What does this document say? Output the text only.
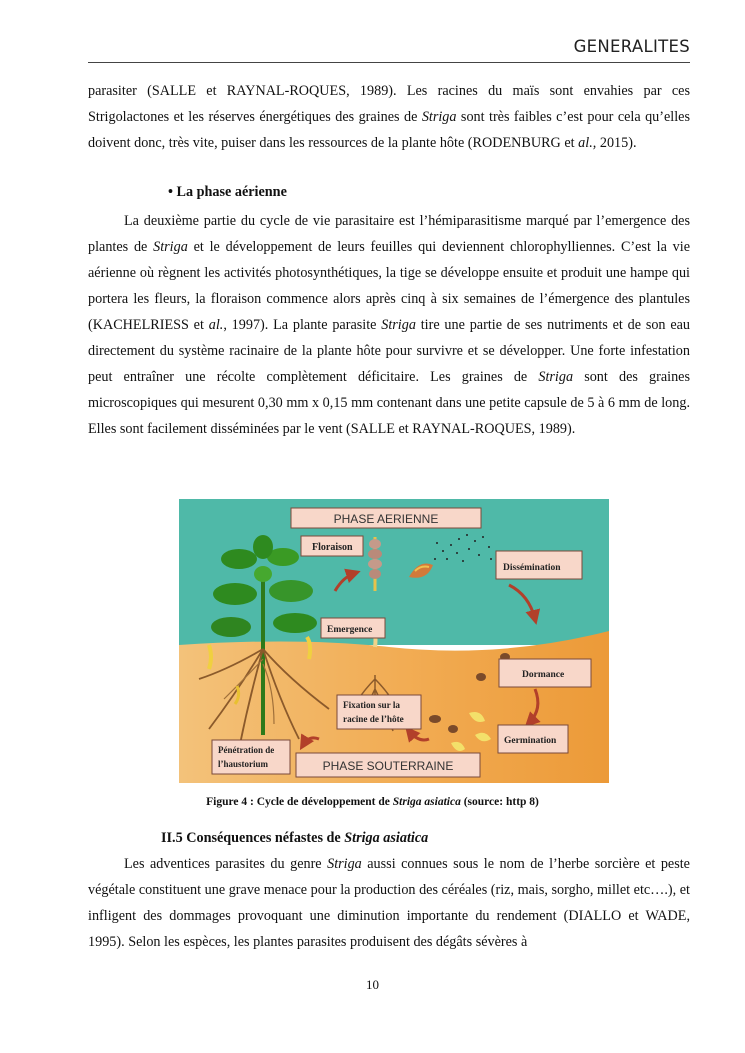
GENERALITES

parasiter (SALLE et RAYNAL-ROQUES, 1989). Les racines du maïs sont envahies par ces Strigolactones et les réserves énergétiques des graines de Striga sont très faibles c’est pour cela qu’elles doivent donc, très vite, puiser dans les ressources de la plante hôte (RODENBURG et al., 2015).

• La phase aérienne

La deuxième partie du cycle de vie parasitaire est l’hémiparasitisme marqué par l’emergence des plantes de Striga et le développement de leurs feuilles qui deviennent chlorophylliennes. C’est la vie aérienne où règnent les activités photosynthétiques, la tige se développe ensuite et produit une hampe qui portera les fleurs, la floraison commence alors après cinq à six semaines de l’émergence des plantules (KACHELRIESS et al., 1997). La plante parasite Striga tire une partie de ses nutriments et de son eau directement du système racinaire de la plante hôte pour survivre et se développer. Une forte infestation peut entraîner une récolte complètement déficitaire. Les graines de Striga sont des graines microscopiques qui mesurent 0,30 mm x 0,15 mm contenant dans une petite capsule de 5 à 6 mm de long. Elles sont facilement disséminées par le vent (SALLE et RAYNAL-ROQUES, 1989).

PHASE AERIENNE
PHASE SOUTERRAINE
Floraison
Dissémination
Emergence
Dormance
Fixation sur la
racine de l’hôte
Germination
Pénétration de
l’haustorium
Figure 4 : Cycle de développement de Striga asiatica (source: http 8)
II.5 Conséquences néfastes de Striga asiatica

Les adventices parasites du genre Striga aussi connues sous le nom de l’herbe sorcière et peste végétale constituent une grave menace pour la production des céréales (riz, mais, sorgho, millet etc….), et infligent des dommages provoquant une diminution importante du rendement (DIALLO et WADE, 1995). Selon les espèces, les plantes parasites produisent des dégâts sévères à

10
